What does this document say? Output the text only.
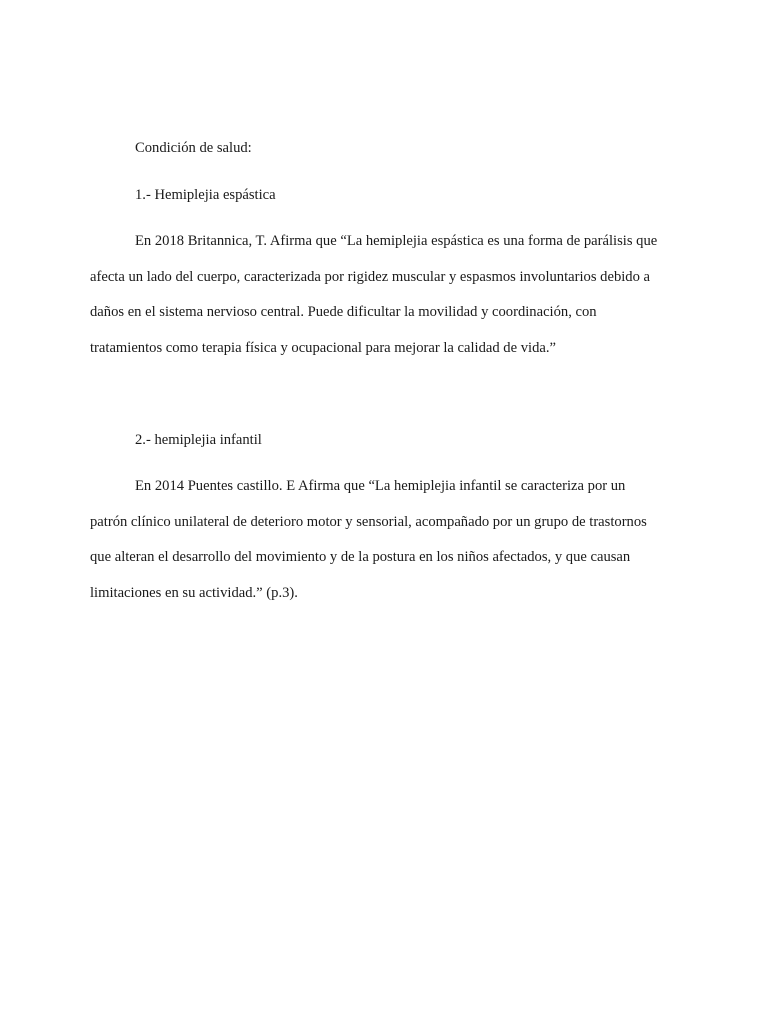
Condición de salud:
1.- Hemiplejia espástica
En 2018 Britannica, T. Afirma que “La hemiplejia espástica es una forma de parálisis que
afecta un lado del cuerpo, caracterizada por rigidez muscular y espasmos involuntarios debido a
daños en el sistema nervioso central. Puede dificultar la movilidad y coordinación, con
tratamientos como terapia física y ocupacional para mejorar la calidad de vida.”
2.- hemiplejia infantil
En 2014 Puentes castillo. E Afirma que “La hemiplejia infantil se caracteriza por un
patrón clínico unilateral de deterioro motor y sensorial, acompañado por un grupo de trastornos
que alteran el desarrollo del movimiento y de la postura en los niños afectados, y que causan
limitaciones en su actividad.” (p.3).
